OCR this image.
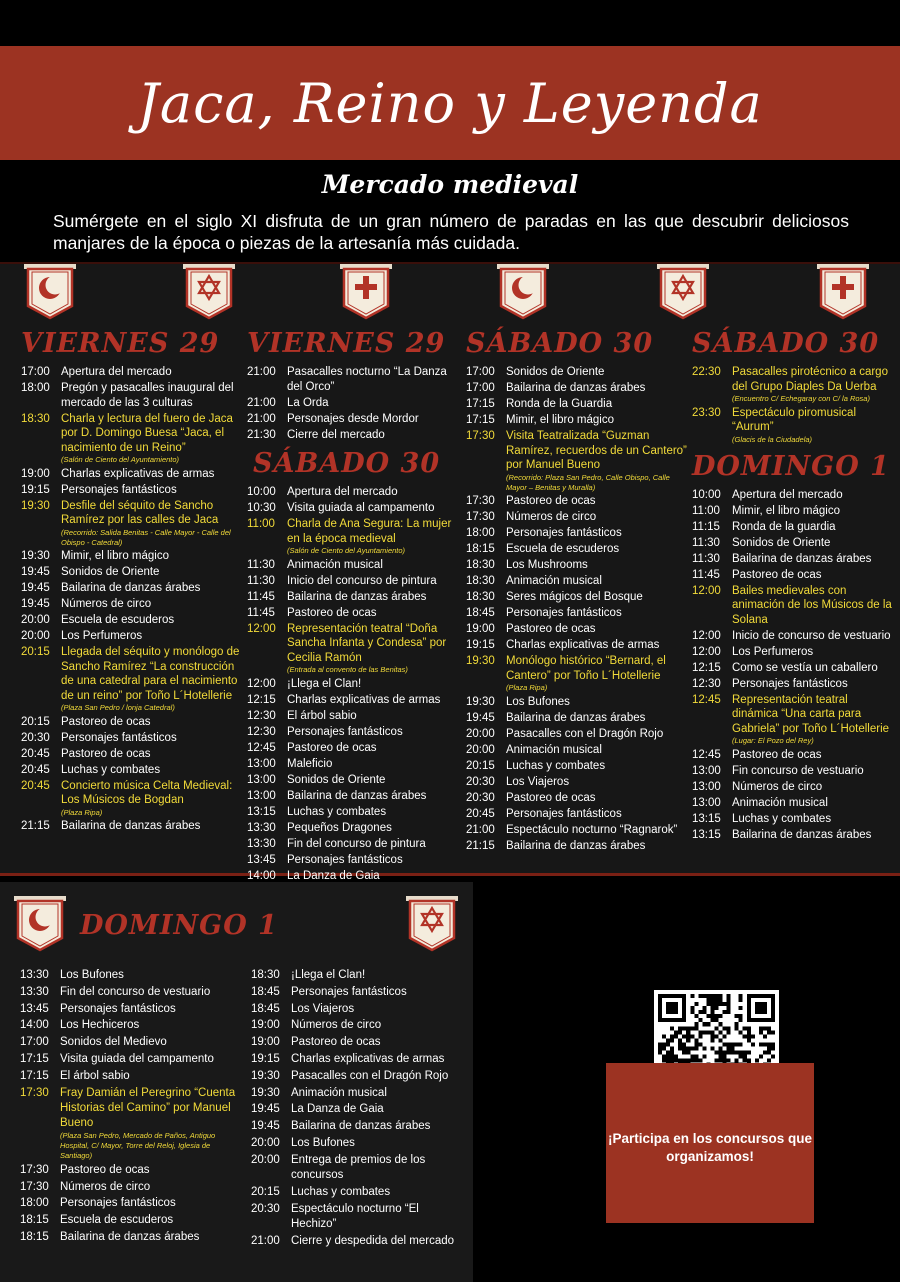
Jaca, Reino y Leyenda
Mercado medieval
Sumérgete en el siglo XI disfruta de un gran número de paradas en las que descubrir deliciosos manjares de la época o piezas de la artesanía más cuidada.
VIERNES 29
17:00 Apertura del mercado
18:00 Pregón y pasacalles inaugural del mercado de las 3 culturas
18:30 Charla y lectura del fuero de Jaca por D. Domingo Buesa “Jaca, el nacimiento de un Reino”
(Salón de Ciento del Ayuntamiento)
19:00 Charlas explicativas de armas
19:15 Personajes fantásticos
19:30 Desfile del séquito de Sancho Ramírez por las calles de Jaca
(Recorrido: Salida Benitas - Calle Mayor - Calle del Obispo - Catedral)
19:30 Mimir, el libro mágico
19:45 Sonidos de Oriente
19:45 Bailarina de danzas árabes
19:45 Números de circo
20:00 Escuela de escuderos
20:00 Los Perfumeros
20:15 Llegada del séquito y monólogo de Sancho Ramírez “La construcción de una catedral para el nacimiento de un reino” por Toño L´Hotellerie
(Plaza San Pedro / lonja Catedral)
20:15 Pastoreo de ocas
20:30 Personajes fantásticos
20:45 Pastoreo de ocas
20:45 Luchas y combates
20:45 Concierto música Celta Medieval: Los Músicos de Bogdan
(Plaza Ripa)
21:15 Bailarina de danzas árabes
VIERNES 29
21:00 Pasacalles nocturno “La Danza del Orco”
21:00 La Orda
21:00 Personajes desde Mordor
21:30 Cierre del mercado
SÁBADO 30
10:00 Apertura del mercado
10:30 Visita guiada al campamento
11:00	Charla de Ana Segura: La mujer en la época medieval
(Salón de Ciento del Ayuntamiento)
11:30	Animación musical
11:30	Inicio del concurso de pintura
11:45	Bailarina de danzas árabes
11:45	Pastoreo de ocas
12:00 Representación teatral “Doña Sancha Infanta y Condesa” por Cecilia Ramón
(Entrada al convento de las Benitas)
12:00 ¡Llega el Clan!
12:15 Charlas explicativas de armas
12:30 El árbol sabio
12:30 Personajes fantásticos
12:45 Pastoreo de ocas
13:00 Maleficio
13:00 Sonidos de Oriente
13:00 Bailarina de danzas árabes
13:15 Luchas y combates
13:30 Pequeños Dragones
13:30 Fin del concurso de pintura
13:45 Personajes fantásticos
14:00 La Danza de Gaia
SÁBADO 30
17:00 Sonidos de Oriente
17:00 Bailarina de danzas árabes
17:15 Ronda de la Guardia
17:15 Mimir, el libro mágico
17:30 Visita Teatralizada “Guzman Ramírez, recuerdos de un Cantero” por Manuel Bueno
(Recorrido: Plaza San Pedro, Calle Obispo, Calle Mayor – Benitas y Muralla)
17:30 Pastoreo de ocas
17:30 Números de circo
18:00 Personajes fantásticos
18:15 Escuela de escuderos
18:30 Los Mushrooms
18:30 Animación musical
18:30 Seres mágicos del Bosque
18:45 Personajes fantásticos
19:00 Pastoreo de ocas
19:15 Charlas explicativas de armas
19:30 Monólogo histórico “Bernard, el Cantero” por Toño L´Hotellerie
(Plaza Ripa)
19:30 Los Bufones
19:45 Bailarina de danzas árabes
20:00 Pasacalles con el Dragón Rojo
20:00 Animación musical
20:15 Luchas y combates
20:30 Los Viajeros
20:30 Pastoreo de ocas
20:45 Personajes fantásticos
21:00 Espectáculo nocturno “Ragnarok”
21:15 Bailarina de danzas árabes
SÁBADO 30
22:30 Pasacalles pirotécnico a cargo del Grupo Diaples Da Uerba
(Encuentro C/ Echegaray con C/ la Rosa)
23:30 Espectáculo piromusical “Aurum”
(Glacis de la Ciudadela)
DOMINGO 1
10:00 Apertura del mercado
11:00	Mimir, el libro mágico
11:15	Ronda de la guardia
11:30	Sonidos de Oriente
11:30	Bailarina de danzas árabes
11:45	Pastoreo de ocas
12:00 Bailes medievales con animación de los Músicos de la Solana
12:00 Inicio de concurso de vestuario
12:00 Los Perfumeros
12:15 Como se vestía un caballero
12:30 Personajes fantásticos
12:45 Representación teatral dinámica “Una carta para Gabriela” por Toño L´Hotellerie
(Lugar: El Pozo del Rey)
12:45 Pastoreo de ocas
13:00 Fin concurso de vestuario
13:00 Números de circo
13:00 Animación musical
13:15 Luchas y combates
13:15 Bailarina de danzas árabes
DOMINGO 1
13:30 Los Bufones
13:30 Fin del concurso de vestuario
13:45 Personajes fantásticos
14:00 Los Hechiceros
17:00 Sonidos del Medievo
17:15 Visita guiada del campamento
17:15 El árbol sabio
17:30 Fray Damián el Peregrino “Cuenta Historias del Camino” por Manuel Bueno
(Plaza San Pedro, Mercado de Paños, Antiguo Hospital, C/ Mayor, Torre del Reloj, Iglesia de Santiago)
17:30 Pastoreo de ocas
17:30 Números de circo
18:00 Personajes fantásticos
18:15 Escuela de escuderos
18:15 Bailarina de danzas árabes
18:30 ¡Llega el Clan!
18:45 Personajes fantásticos
18:45 Los Viajeros
19:00 Números de circo
19:00 Pastoreo de ocas
19:15 Charlas explicativas de armas
19:30 Pasacalles con el Dragón Rojo
19:30 Animación musical
19:45 La Danza de Gaia
19:45 Bailarina de danzas árabes
20:00 Los Bufones
20:00 Entrega de premios de los concursos
20:15 Luchas y combates
20:30 Espectáculo nocturno “El Hechizo”
21:00 Cierre y despedida del mercado
¡Participa en los concursos que organizamos!
